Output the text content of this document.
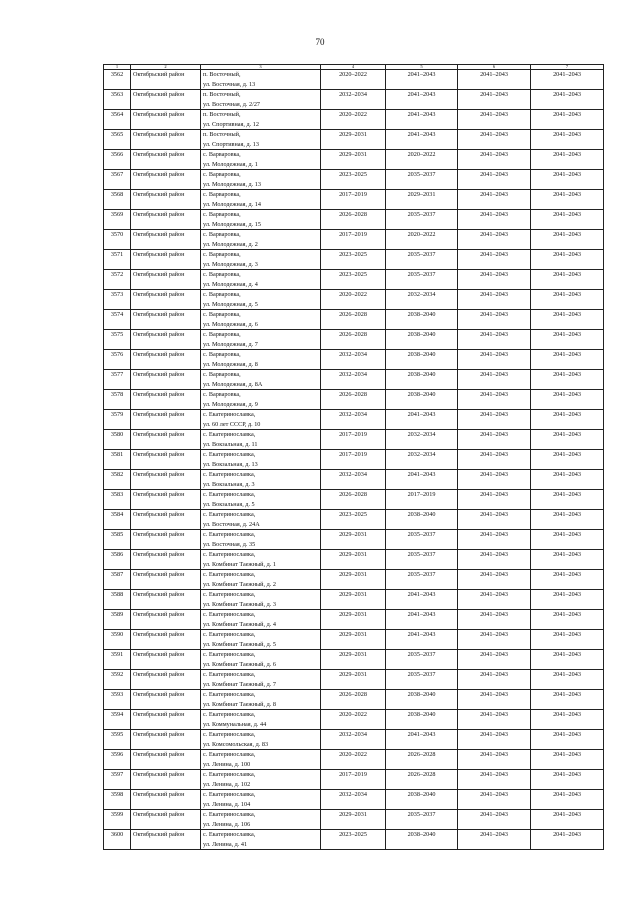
70
1	2	3	4	5	6	7
3562	Октябрьский район	п. Восточный,
ул. Восточная, д. 13	2020–2022	2041–2043	2041–2043	2041–2043
3563	Октябрьский район	п. Восточный,
ул. Восточная, д. 2/27	2032–2034	2041–2043	2041–2043	2041–2043
3564	Октябрьский район	п. Восточный,
ул. Спортивная, д. 12	2020–2022	2041–2043	2041–2043	2041–2043
3565	Октябрьский район	п. Восточный,
ул. Спортивная, д. 13	2029–2031	2041–2043	2041–2043	2041–2043
3566	Октябрьский район	с. Варваровка,
ул. Молодежная, д. 1	2029–2031	2020–2022	2041–2043	2041–2043
3567	Октябрьский район	с. Варваровка,
ул. Молодежная, д. 13	2023–2025	2035–2037	2041–2043	2041–2043
3568	Октябрьский район	с. Варваровка,
ул. Молодежная, д. 14	2017–2019	2029–2031	2041–2043	2041–2043
3569	Октябрьский район	с. Варваровка,
ул. Молодежная, д. 15	2026–2028	2035–2037	2041–2043	2041–2043
3570	Октябрьский район	с. Варваровка,
ул. Молодежная, д. 2	2017–2019	2020–2022	2041–2043	2041–2043
3571	Октябрьский район	с. Варваровка,
ул. Молодежная, д. 3	2023–2025	2035–2037	2041–2043	2041–2043
3572	Октябрьский район	с. Варваровка,
ул. Молодежная, д. 4	2023–2025	2035–2037	2041–2043	2041–2043
3573	Октябрьский район	с. Варваровка,
ул. Молодежная, д. 5	2020–2022	2032–2034	2041–2043	2041–2043
3574	Октябрьский район	с. Варваровка,
ул. Молодежная, д. 6	2026–2028	2038–2040	2041–2043	2041–2043
3575	Октябрьский район	с. Варваровка,
ул. Молодежная, д. 7	2026–2028	2038–2040	2041–2043	2041–2043
3576	Октябрьский район	с. Варваровка,
ул. Молодежная, д. 8	2032–2034	2038–2040	2041–2043	2041–2043
3577	Октябрьский район	с. Варваровка,
ул. Молодежная, д. 8А	2032–2034	2038–2040	2041–2043	2041–2043
3578	Октябрьский район	с. Варваровка,
ул. Молодежная, д. 9	2026–2028	2038–2040	2041–2043	2041–2043
3579	Октябрьский район	с. Екатеринославка,
ул. 60 лет СССР, д. 10	2032–2034	2041–2043	2041–2043	2041–2043
3580	Октябрьский район	с. Екатеринославка,
ул. Вокзальная, д. 11	2017–2019	2032–2034	2041–2043	2041–2043
3581	Октябрьский район	с. Екатеринославка,
ул. Вокзальная, д. 13	2017–2019	2032–2034	2041–2043	2041–2043
3582	Октябрьский район	с. Екатеринославка,
ул. Вокзальная, д. 3	2032–2034	2041–2043	2041–2043	2041–2043
3583	Октябрьский район	с. Екатеринославка,
ул. Вокзальная, д. 5	2026–2028	2017–2019	2041–2043	2041–2043
3584	Октябрьский район	с. Екатеринославка,
ул. Восточная, д. 24А	2023–2025	2038–2040	2041–2043	2041–2043
3585	Октябрьский район	с. Екатеринославка,
ул. Восточная, д. 35	2029–2031	2035–2037	2041–2043	2041–2043
3586	Октябрьский район	с. Екатеринославка,
ул. Комбинат Таежный, д. 1	2029–2031	2035–2037	2041–2043	2041–2043
3587	Октябрьский район	с. Екатеринославка,
ул. Комбинат Таежный, д. 2	2029–2031	2035–2037	2041–2043	2041–2043
3588	Октябрьский район	с. Екатеринославка,
ул. Комбинат Таежный, д. 3	2029–2031	2041–2043	2041–2043	2041–2043
3589	Октябрьский район	с. Екатеринославка,
ул. Комбинат Таежный, д. 4	2029–2031	2041–2043	2041–2043	2041–2043
3590	Октябрьский район	с. Екатеринославка,
ул. Комбинат Таежный, д. 5	2029–2031	2041–2043	2041–2043	2041–2043
3591	Октябрьский район	с. Екатеринославка,
ул. Комбинат Таежный, д. 6	2029–2031	2035–2037	2041–2043	2041–2043
3592	Октябрьский район	с. Екатеринославка,
ул. Комбинат Таежный, д. 7	2029–2031	2035–2037	2041–2043	2041–2043
3593	Октябрьский район	с. Екатеринославка,
ул. Комбинат Таежный, д. 8	2026–2028	2038–2040	2041–2043	2041–2043
3594	Октябрьский район	с. Екатеринославка,
ул. Коммунальная, д. 44	2020–2022	2038–2040	2041–2043	2041–2043
3595	Октябрьский район	с. Екатеринославка,
ул. Комсомольская, д. 83	2032–2034	2041–2043	2041–2043	2041–2043
3596	Октябрьский район	с. Екатеринославка,
ул. Ленина, д. 100	2020–2022	2026–2028	2041–2043	2041–2043
3597	Октябрьский район	с. Екатеринославка,
ул. Ленина, д. 102	2017–2019	2026–2028	2041–2043	2041–2043
3598	Октябрьский район	с. Екатеринославка,
ул. Ленина, д. 104	2032–2034	2038–2040	2041–2043	2041–2043
3599	Октябрьский район	с. Екатеринославка,
ул. Ленина, д. 106	2029–2031	2035–2037	2041–2043	2041–2043
3600	Октябрьский район	с. Екатеринославка,
ул. Ленина, д. 41	2023–2025	2038–2040	2041–2043	2041–2043
